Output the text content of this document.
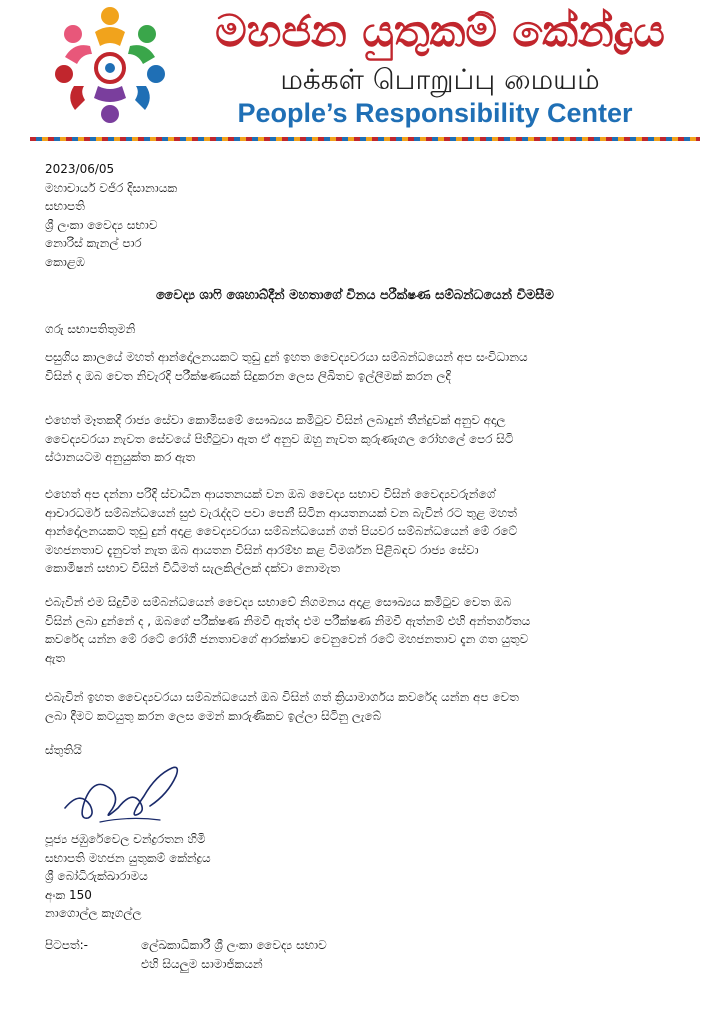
මහජන යුතුකම් කේන්ද්‍රය
மக்கள் பொறுப்பு மையம்
People’s Responsibility Center
2023/06/05
මහාචාර්ය වජිර දිසානායක
සභාපති
ශ්‍රී ලංකා වෛද්‍ය සභාව
නොරිස් කැනල් පාර
කොළඹ
වෛද්‍ය ශාෆි ශෙහාබ්දීන් මහතාගේ විනය පරීක්ෂණ සම්බන්ධයෙන් විමසීම
ගරු සභාපතිතුමනි
පසුගිය කාලයේ මහත් ආන්දෝලනයකට තුඩු දුන් ඉහත වෛද්‍යවරයා සම්බන්ධයෙන් අප සංවිධානය
විසින් ද ඔබ වෙත නිවැරදි පරීක්ෂණයක් සිදුකරන ලෙස ලිඛිතව ඉල්ලීමක් කරන ලදි
එහෙත් මෑතකදී රාජ්‍ය සේවා කොමිසමේ සෞඛ්‍යය කමිටුව විසින් ලබාදුන් තීන්දුවක් අනුව අදාල
වෛද්‍යවරයා නැවත සේවයේ පිහිටුවා ඇත ඒ අනුව ඔහු නැවත කුරුණෑගල රෝහලේ පෙර සිටි
ස්ථානයටම අනුයුක්ත කර ඇත
එහෙත් අප දන්නා පරිදි ස්වාධීන ආයතනයක් වන ඔබ වෛද්‍ය සභාව විසින් වෛද්‍යවරුන්ගේ
ආචාරධර්ම සම්බන්ධයෙන් සුළු වැරැද්දට පවා පෙනී සිටින ආයතනයක් වන බැවින් රට තුළ මහත්
ආන්දෝලනයකට තුඩු දුන් අදාළ වෛද්‍යවරයා සම්බන්ධයෙන් ගත් පියවර සම්බන්ධයෙන් මේ රටේ
මහජනතාව දැනුවත් නැත ඔබ ආයතන විසින් ආරම්භ කළ විමර්ශන පිළිබඳව රාජ්‍ය සේවා
කොමිෂන් සභාව විසින් විධිමත් සැලකිල්ලක් දක්වා නොමැත
එබැවින් එම සිදුවීම සම්බන්ධයෙන් වෛද්‍ය සභාවේ නිගමනය අදාළ සෞඛ්‍යය කමිටුව වෙත ඔබ
විසින් ලබා දුන්නේ ද , ඔබගේ පරීක්ෂණ නිමවී ඇත්ද එම පරීක්ෂණ නිමවී ඇත්නම් එහි අන්තර්ගතය
කවරේද යන්න මේ රටේ රෝගී ජනතාවගේ ආරක්ෂාව වෙනුවෙන් රටේ මහජනතාව දැන ගත යුතුව
ඇත
එබැවින් ඉහත වෛද්‍යවරයා සම්බන්ධයෙන් ඔබ විසින් ගත් ක්‍රියාමාර්ගය කවරේද යන්න අප වෙත
ලබා දීමට කටයුතු කරන ලෙස මෙන් කාරුණිකව ඉල්ලා සිටිනු ලැබේ
ස්තුතියි
පූජ්‍ය ජඹුරේවෙල චන්ද්‍රරතන හිමි
සභාපති මහජන යුතුකම් කේන්ද්‍රය
ශ්‍රී බෝධිරුක්ඛාරාමය
අංක 150
නාගොල්ල කෑගල්ල
පිටපත්:-	ලේඛකාධිකාරී ශ්‍රී ලංකා වෛද්‍ය සභාව
එහි සියලුම සාමාජිකයන්
